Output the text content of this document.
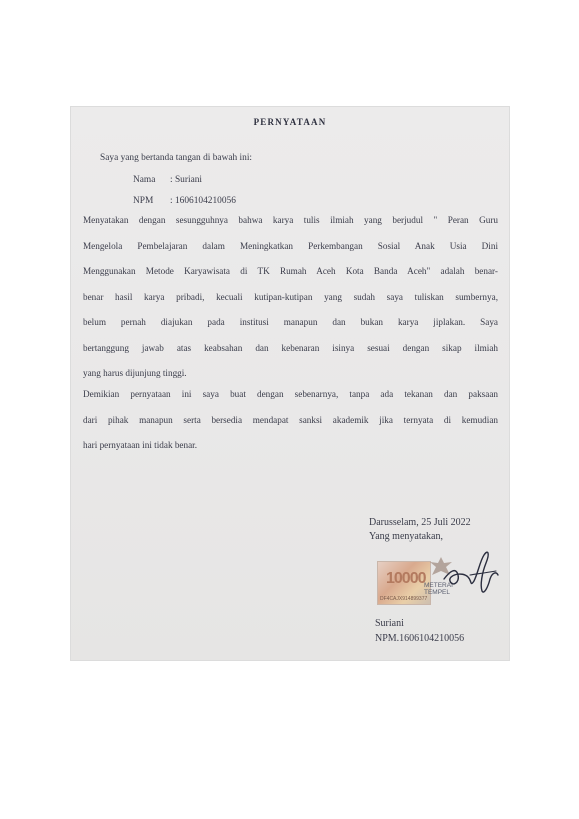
PERNYATAAN
Saya yang bertanda tangan di bawah ini:
Nama : Suriani
NPM : 1606104210056
Menyatakan dengan sesungguhnya bahwa karya tulis ilmiah yang berjudul " Peran Guru
Mengelola Pembelajaran dalam Meningkatkan Perkembangan Sosial Anak Usia Dini
Menggunakan Metode Karyawisata di TK Rumah Aceh Kota Banda Aceh" adalah benar-
benar hasil karya pribadi, kecuali kutipan-kutipan yang sudah saya tuliskan sumbernya,
belum pernah diajukan pada institusi manapun dan bukan karya jiplakan. Saya
bertanggung jawab atas keabsahan dan kebenaran isinya sesuai dengan sikap ilmiah
yang harus dijunjung tinggi.
Demikian pernyataan ini saya buat dengan sebenarnya, tanpa ada tekanan dan paksaan
dari pihak manapun serta bersedia mendapat sanksi akademik jika ternyata di kemudian
hari pernyataan ini tidak benar.
Darusselam, 25 Juli 2022
Yang menyatakan,
10000
DF4CAJX914899377
METERAI
TEMPEL
Suriani
NPM.1606104210056
